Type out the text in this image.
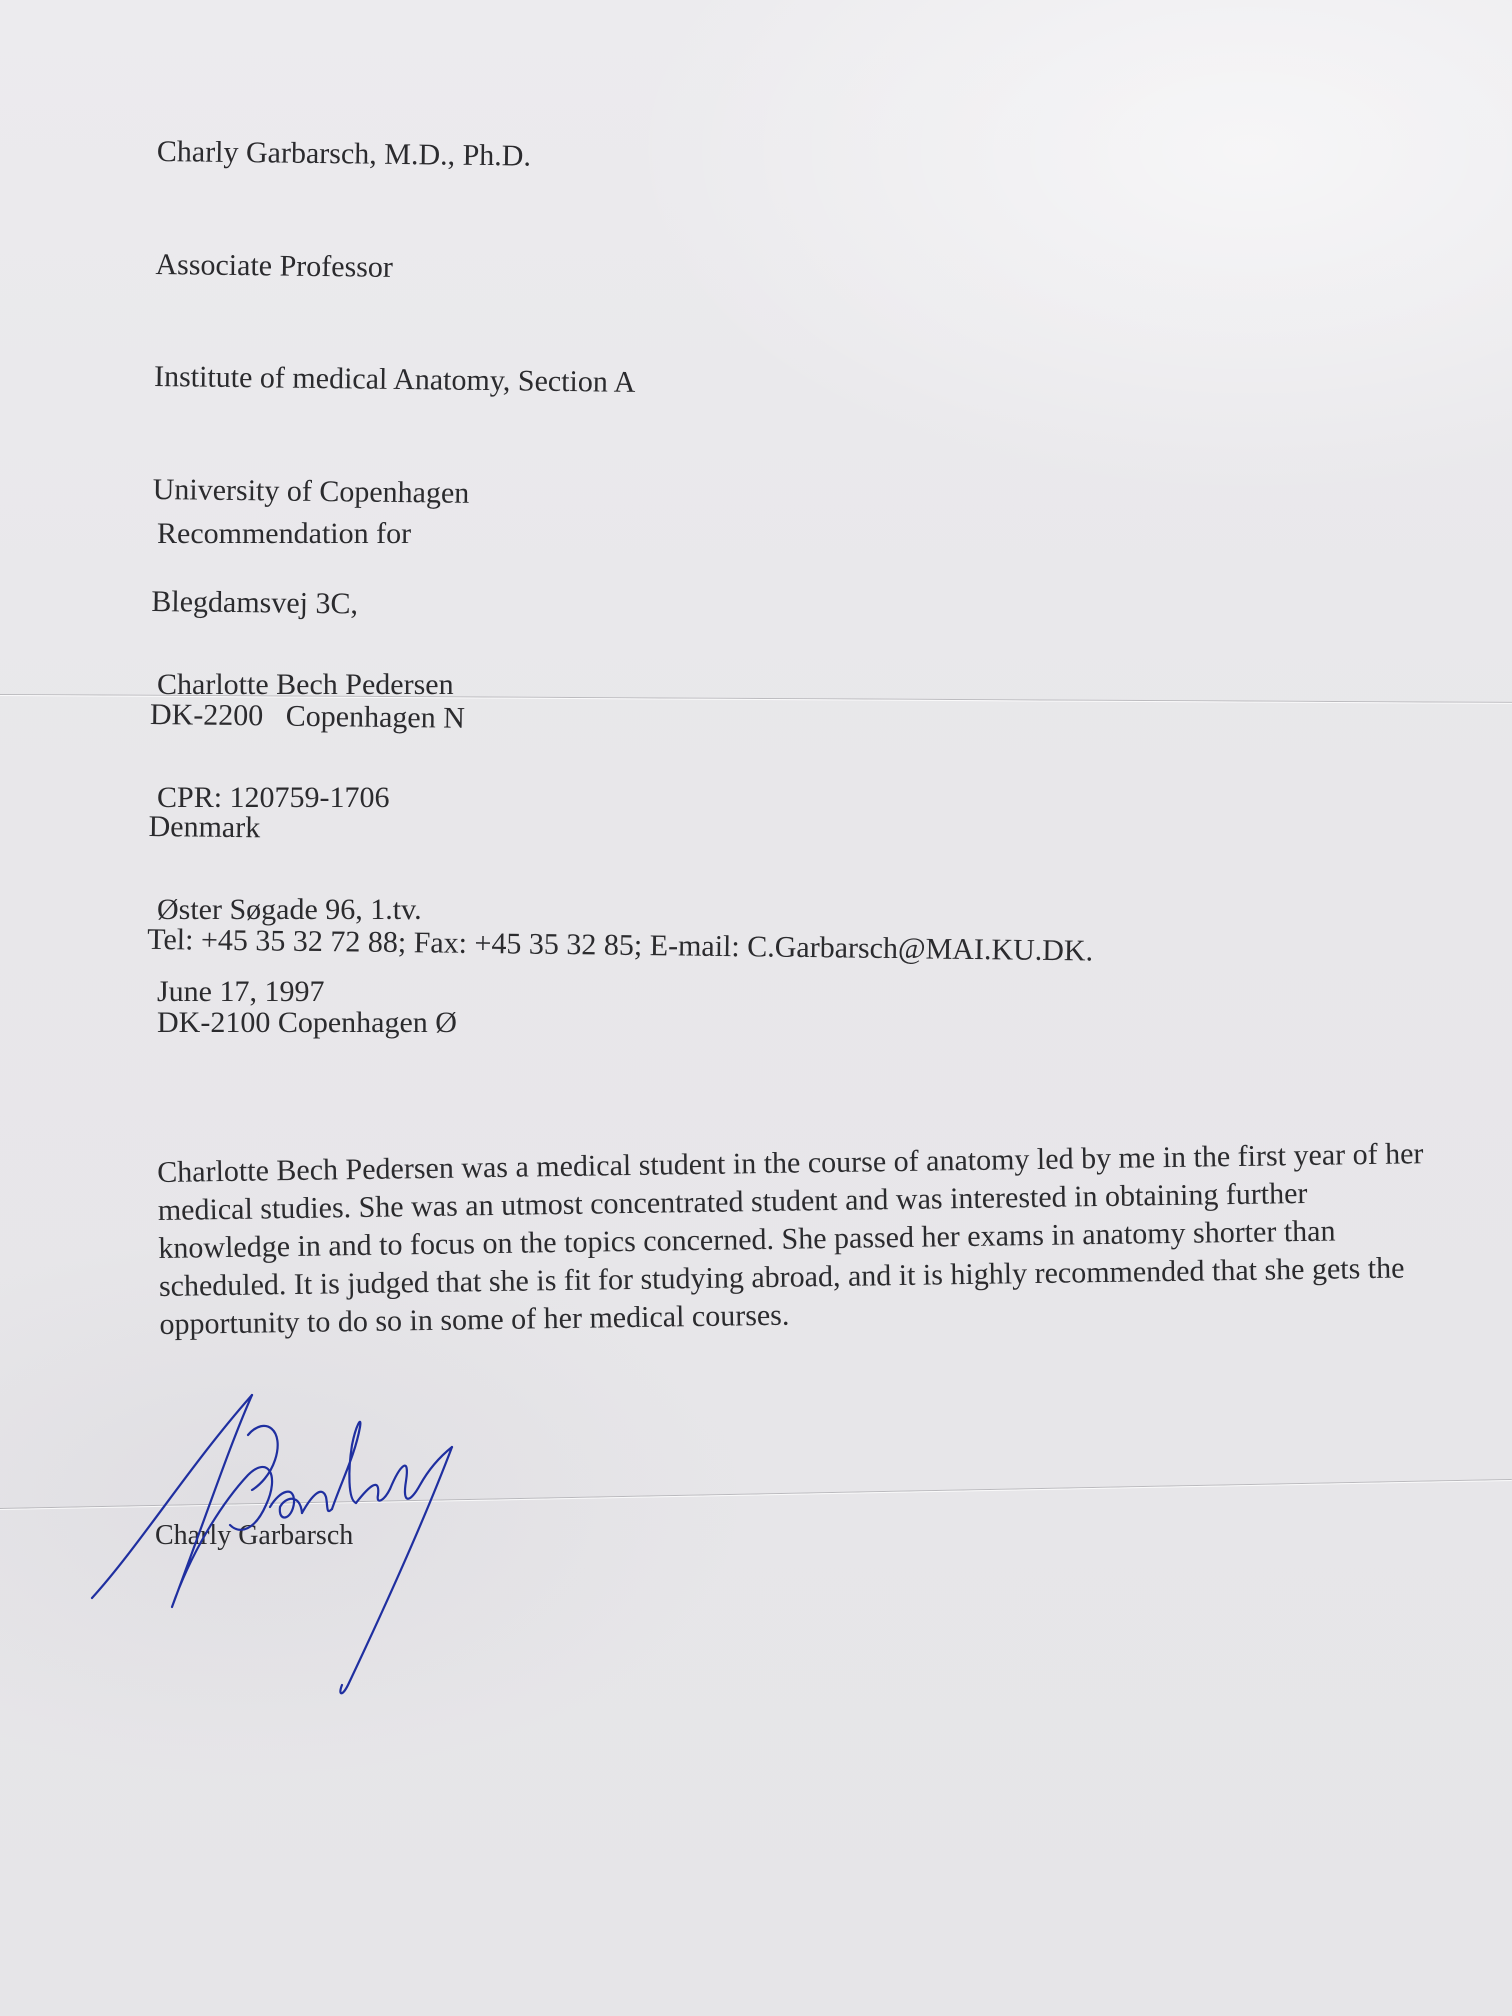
Charly Garbarsch, M.D., Ph.D.

Associate Professor

Institute of medical Anatomy, Section A

University of Copenhagen

Blegdamsvej 3C,

DK-2200   Copenhagen N

Denmark

Tel: +45 35 32 72 88; Fax: +45 35 32 85; E-mail: C.Garbarsch@MAI.KU.DK.

Recommendation for

Charlotte Bech Pedersen

CPR: 120759-1706

Øster Søgade 96, 1.tv.

DK-2100 Copenhagen Ø

June 17, 1997
Charlotte Bech Pedersen was a medical student in the course of anatomy led by me in the first year of her medical studies. She was an utmost concentrated student and was interested in obtaining further knowledge in and to focus on the topics concerned. She passed her exams in anatomy shorter than scheduled. It is judged that she is fit for studying abroad, and it is highly recommended that she gets the opportunity to do so in some of her medical courses.
Charly Garbarsch
